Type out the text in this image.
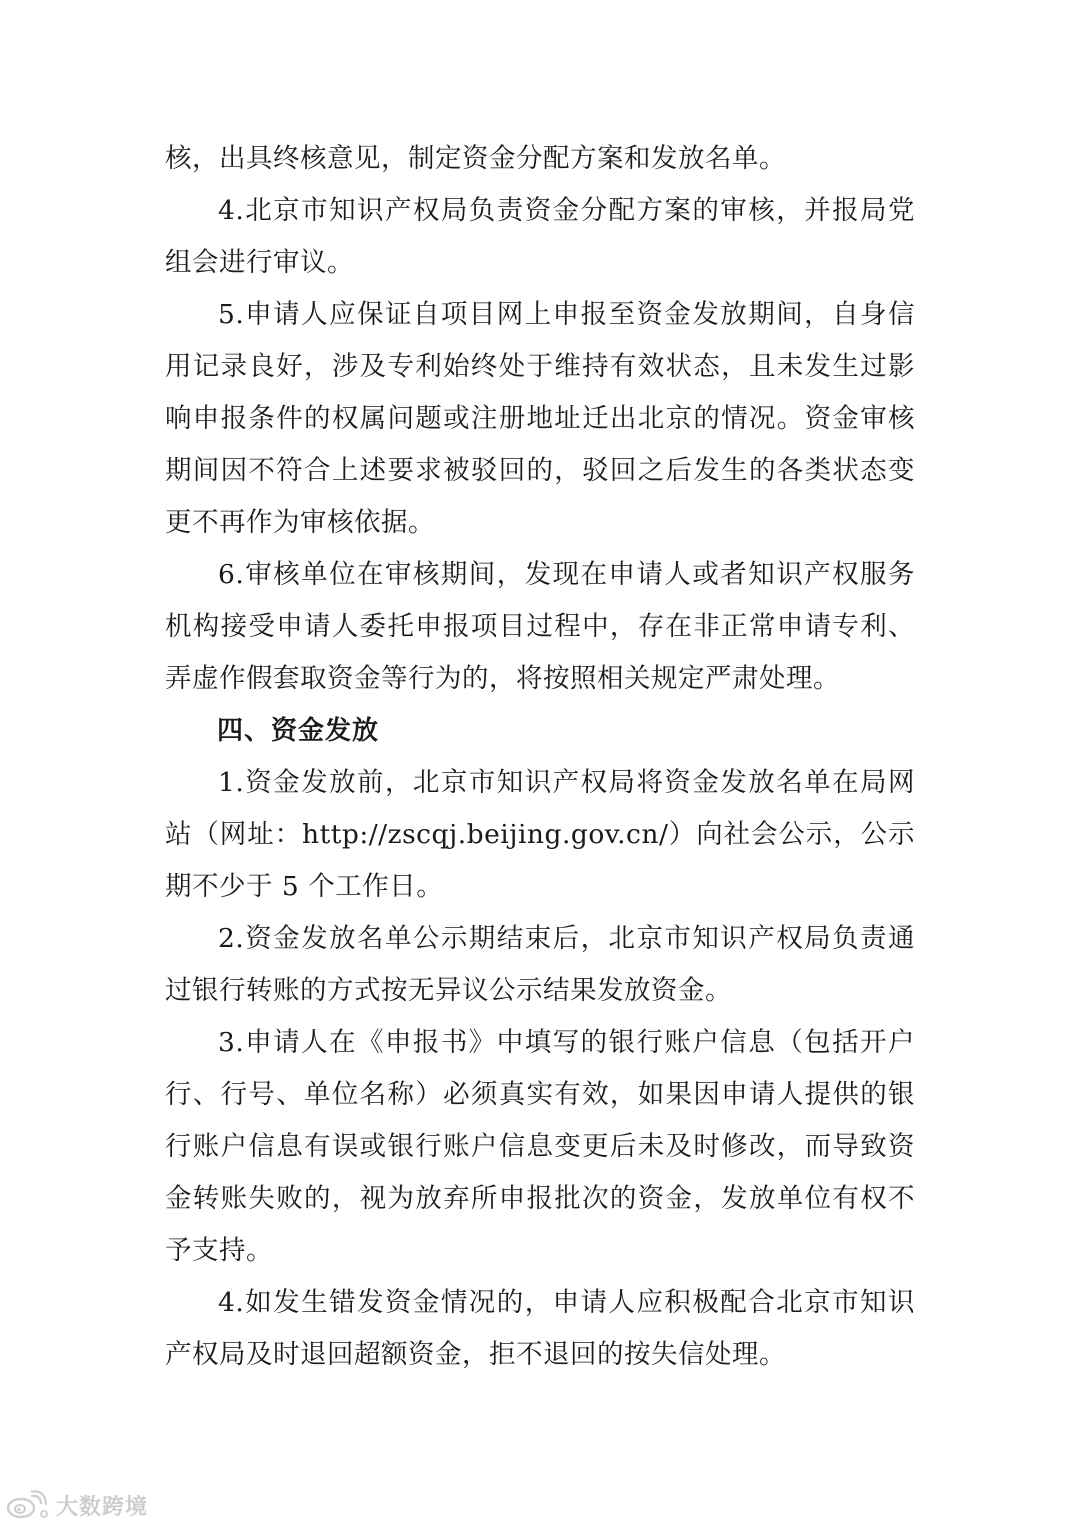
核，出具终核意见，制定资金分配方案和发放名单。

4.北京市知识产权局负责资金分配方案的审核，并报局党组会进行审议。

5.申请人应保证自项目网上申报至资金发放期间，自身信用记录良好，涉及专利始终处于维持有效状态，且未发生过影响申报条件的权属问题或注册地址迁出北京的情况。资金审核期间因不符合上述要求被驳回的，驳回之后发生的各类状态变更不再作为审核依据。

6.审核单位在审核期间，发现在申请人或者知识产权服务机构接受申请人委托申报项目过程中，存在非正常申请专利、弄虚作假套取资金等行为的，将按照相关规定严肃处理。

四、资金发放

1.资金发放前，北京市知识产权局将资金发放名单在局网站（网址：http://zscqj.beijing.gov.cn/）向社会公示，公示期不少于 5 个工作日。

2.资金发放名单公示期结束后，北京市知识产权局负责通过银行转账的方式按无异议公示结果发放资金。

3.申请人在《申报书》中填写的银行账户信息（包括开户行、行号、单位名称）必须真实有效，如果因申请人提供的银行账户信息有误或银行账户信息变更后未及时修改，而导致资金转账失败的，视为放弃所申报批次的资金，发放单位有权不予支持。

4.如发生错发资金情况的，申请人应积极配合北京市知识产权局及时退回超额资金，拒不退回的按失信处理。

大数跨境
